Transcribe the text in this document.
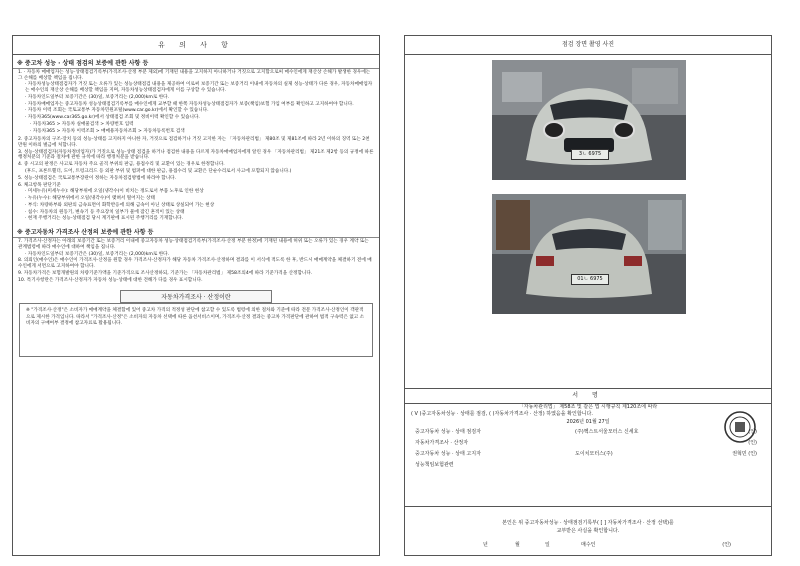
유 의 사 항
※ 중고차 성능 · 상태 점검의 보증에 관한 사항 등

1. · 자동차 매매업자는 성능·상태점검기록부(가격조사·산정 부분 제외)에 기재된 내용을 고지하지 아니하거나 거짓으로 고지함으로써 매수인에게 재산상 손해가 발생한 경우에는 그 손해를 배상할 책임을 집니다.

· 자동차성능상태점검자가 거짓 또는 오류가 있는 성능상태점검 내용을 제공하여 이로써 보증기간 또는 보증거리 이내에 자동차의 실제 성능·상태가 다른 경우, 자동차매매업자는 매수인의 재산상 손해를 배상할 책임을 지며, 자동차성능상태점검자에게 이를 구상할 수 있습니다.

· 자동차인도일부터 보증기간은 (30)일, 보증거리는 (2,000)km로 한다.

· 자동차매매업자는 중고자동차 성능상태점검기록부를 매수인에게 교부할 때 한쪽 자동차성능상태점검자가 보증(책임)보험 가입 여부를 확인하고 고지하여야 합니다.

· 자동차 이력 조회는 국토교통부 자동차민원포털(www.car.go.kr)에서 확인할 수 있습니다.

· 자동차365(www.car365.go.kr)에서 상태점검 조회 및 정비이력 확인할 수 있습니다.

· 자동차365 > 자동차 실매물검색 > 차량번호 입력

· 자동차365 > 자동차 이력조회 > 매매용자동차조회 > 자동차등록번호 검색

2. 중고자동차의 구조·장치 등의 성능·상태를 고지하지 아니한 자, 거짓으로 점검하거나 거짓 고지한 자는 「자동차관리법」 제80조 및 제81조에 따라 2년 이하의 징역 또는 2천만원 이하의 벌금에 처합니다.

3. 성능·상태점검자(자동차정비업자)가 거짓으로 성능·상태 점검을 하거나 점검한 내용을 다르게 자동차매매업자에게 알린 경우 「자동차관리법」 제21조 제2항 등의 규정에 따른 행정처분의 기준과 절차에 관한 규칙에 따라 행정처분을 받습니다.

4. 중 시고의 판정은 사고로 자동차 주요 골격 부위의 판금, 용접수리 및 교환이 있는 경우로 한정합니다.

(후드, 프론트휀더, 도어, 트렁크리드 등 외판 부위 및 범퍼에 대한 판금, 용접수리 및 교환은 단순수리로서 사고에 포함되지 않습니다.)

5. 성능·상태점검은 국토교통부장관이 정하는 자동차점검방법에 따라야 합니다.

6. 체크항목 판단기준

· 미세누유(미세누수): 해당부위에 오일(냉각수)이 비치는 정도로서 부품 노후로 인한 현상

· 누유(누수): 해당부위에서 오일(냉각수)이 맺혀서 떨어지는 상태

· 부식: 차량하부와 외판의 금속표면이 화학반응에 의해 금속이 아닌 상태로 상실되어 가는 현상

· 침수: 자동차의 원동기, 변속기 등 주요장치 일부가 물에 잠긴 흔적이 있는 상태

· 현재 주행거리는 성능·상태점검 당시 계기판에 표시된 주행거리를 기재합니다.

※ 중고자동차 가격조사 산정의 보증에 관한 사항 등

7. 가격조사·산정자는 아래의 보증기간 또는 보증거리 이내에 중고자동차 성능·상태점검기록부(가격조사·산정 부분 한정)에 기재된 내용에 허위 또는 오류가 있는 경우 계약 또는 관계법령에 따라 매수인에 대하여 책임을 집니다.

· 자동차인도일부터 보증기간은 (30)일, 보증거리는 (2,000)km로 한다.

8. 의뢰인(매수인)은 매수인이 가격조사·산정을 원할 경우 가격조사·산정자가 해당 자동차 가격조사·산정하며 결과를 이 서식에 적도록 한 후, 반드시 매매계약을 체결하기 전에 매수인에게 서면으로 고지하여야 합니다.

9. 자동차가격은 보험개발원의 차량기준가액을 기준가격으로 조사산정하되, 기준가는 「자동차관리법」 제58조의4에 따라 기준가격을 산정합니다.

10. 특기사항란은 가격조사·산정자가 자동차 성능·상태에 대한 견해가 다를 경우 표시합니다.

자동차가격조사 · 산정이란
※ "가격조사·산정"은 소비자가 매매계약을 체결함에 있어 중고차 가격의 적정성 판단에 참고할 수 있도록 법령에 의한 절차와 기준에 따라 전문 가격조사·산정인이 객관적으로 제시한 가격입니다. 따라서 "가격조사·산정"은 소비자의 자동차 선택에 따른 옵션서비스이며, 가격조사·산정 결과는 중고차 가격판단에 관하여 법적 구속력은 없고 소비자의 구매여부 결정에 참고자료로 활용됩니다.
점검 장면 촬영 사진
3ㄴ 6975
01ㄴ 6975
서 명
「자동차관리법」 제58조 및 같은 법 시행규칙 제120조에 따라
( V )중고자동차성능 · 상태를 점검, ( )자동차가격조사 · 산정) 하였음을 확인합니다.
2026년 01월 27일
중고자동차 성능 · 상태 점검자	(주)헥스트서울모터스 신세호	(인)
자동차가격조사 · 산정자	(인)
중고자동차 성능 · 상태 고지자	도이치모터스(주)	권혁민 (인)
성능책임보험관련
본인은 위 중고자동차성능 · 상태점검기록부( [ ] 자동차가격조사 · 산정 선택)를
교부받은 사실을 확인합니다.
년	월	일	매수인	(인)
